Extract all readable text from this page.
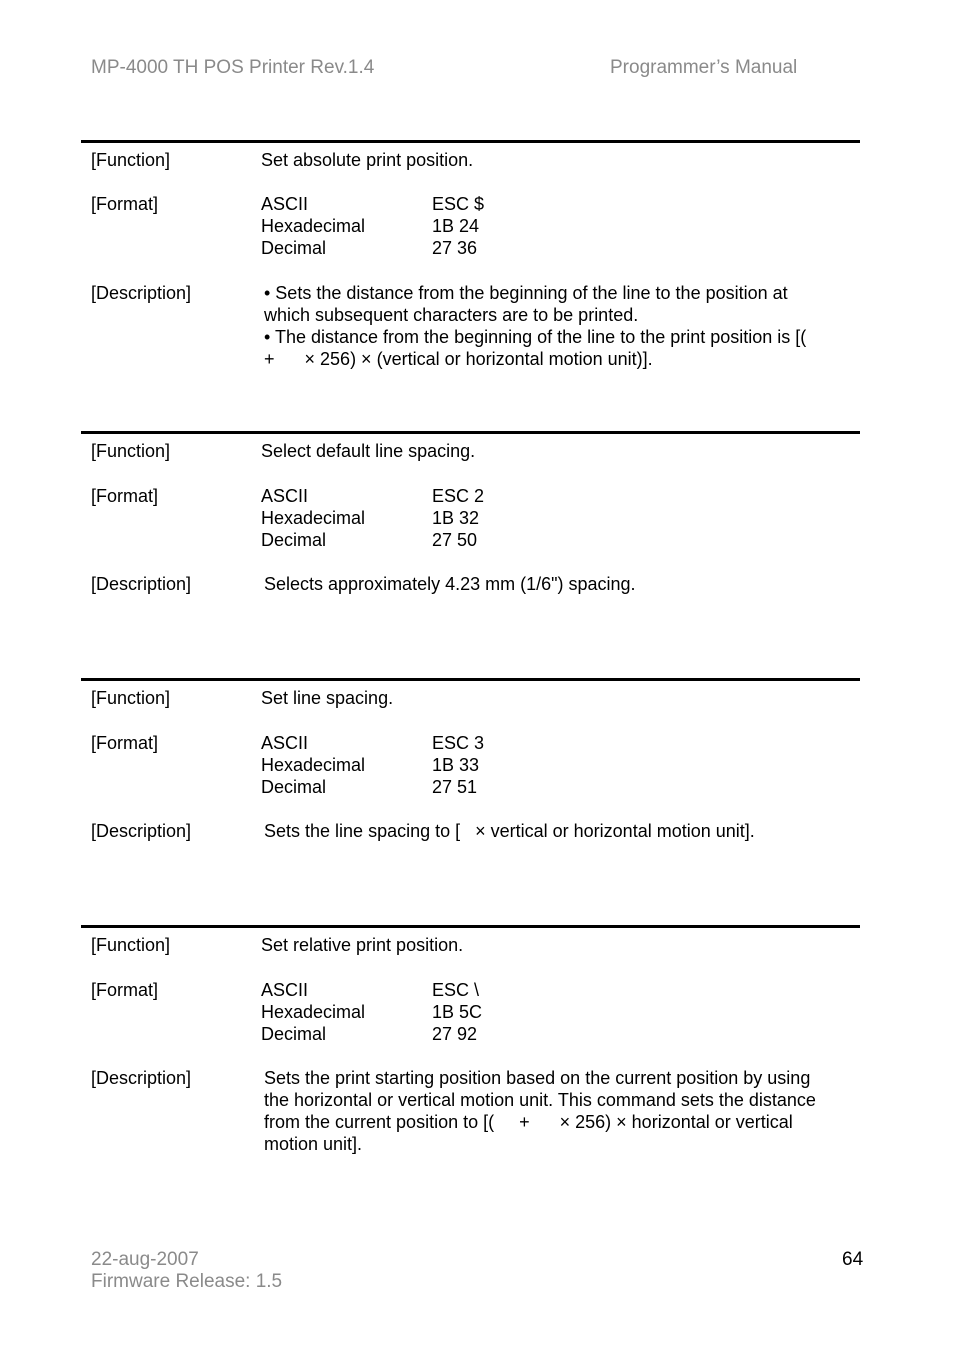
MP-4000 TH POS Printer Rev.1.4	Programmer’s Manual
[Function]	Set absolute print position.
[Format]	ASCII	ESC $
Hexadecimal	1B 24
Decimal	27 36
[Description]	• Sets the distance from the beginning of the line to the position at
which subsequent characters are to be printed.
• The distance from the beginning of the line to the print position is [(
+      × 256) × (vertical or horizontal motion unit)].
[Function]	Select default line spacing.
[Format]	ASCII	ESC 2
Hexadecimal	1B 32
Decimal	27 50
[Description]	Selects approximately 4.23 mm (1/6") spacing.
[Function]	Set line spacing.
[Format]	ASCII	ESC 3
Hexadecimal	1B 33
Decimal	27 51
[Description]	Sets the line spacing to [   × vertical or horizontal motion unit].
[Function]	Set relative print position.
[Format]	ASCII	ESC \
Hexadecimal	1B 5C
Decimal	27 92
[Description]	Sets the print starting position based on the current position by using
the horizontal or vertical motion unit. This command sets the distance
from the current position to [(     +      × 256) × horizontal or vertical
motion unit].
22-aug-2007
Firmware Release: 1.5
64
